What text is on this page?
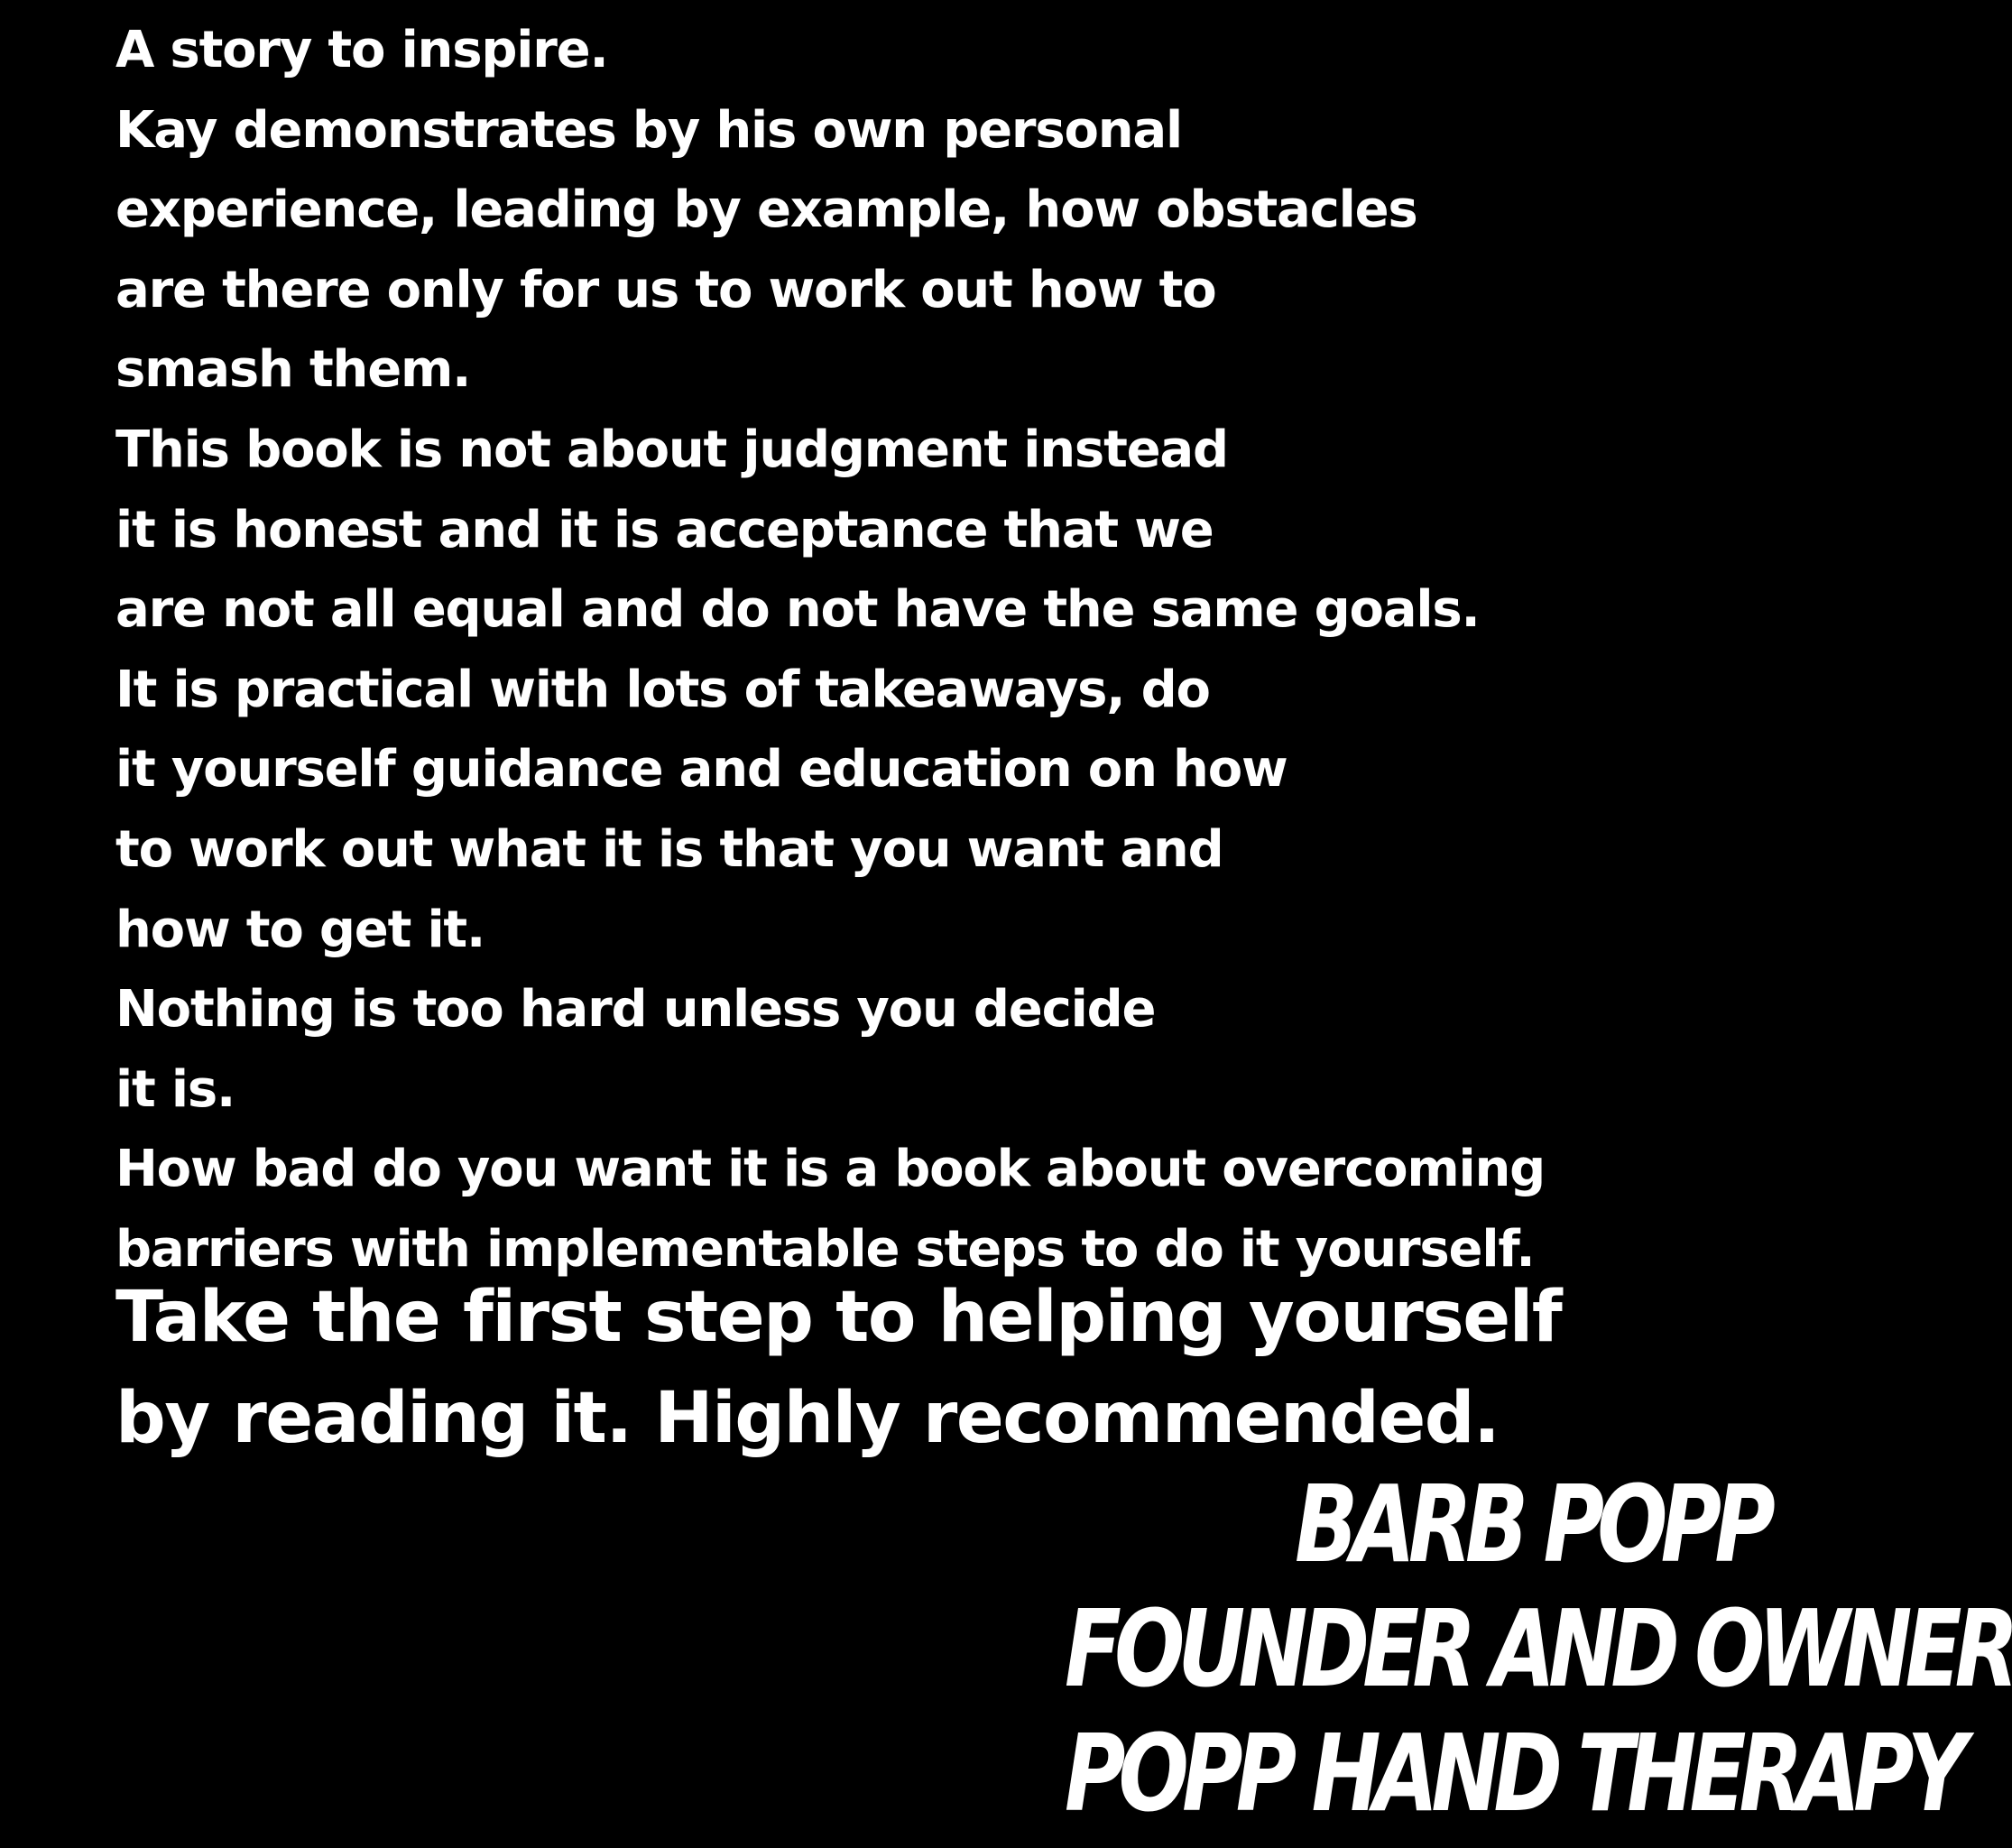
A story to inspire.
Kay demonstrates by his own personal
experience, leading by example, how obstacles
are there only for us to work out how to
smash them.
This book is not about judgment instead
it is honest and it is acceptance that we
are not all equal and do not have the same goals.
It is practical with lots of takeaways, do
it yourself guidance and education on how
to work out what it is that you want and
how to get it.
Nothing is too hard unless you decide
it is.
How bad do you want it is a book about overcoming
barriers with implementable steps to do it yourself.
Take the first step to helping yourself
by reading it. Highly recommended.
BARB POPP
FOUNDER AND OWNER
POPP HAND THERAPY
